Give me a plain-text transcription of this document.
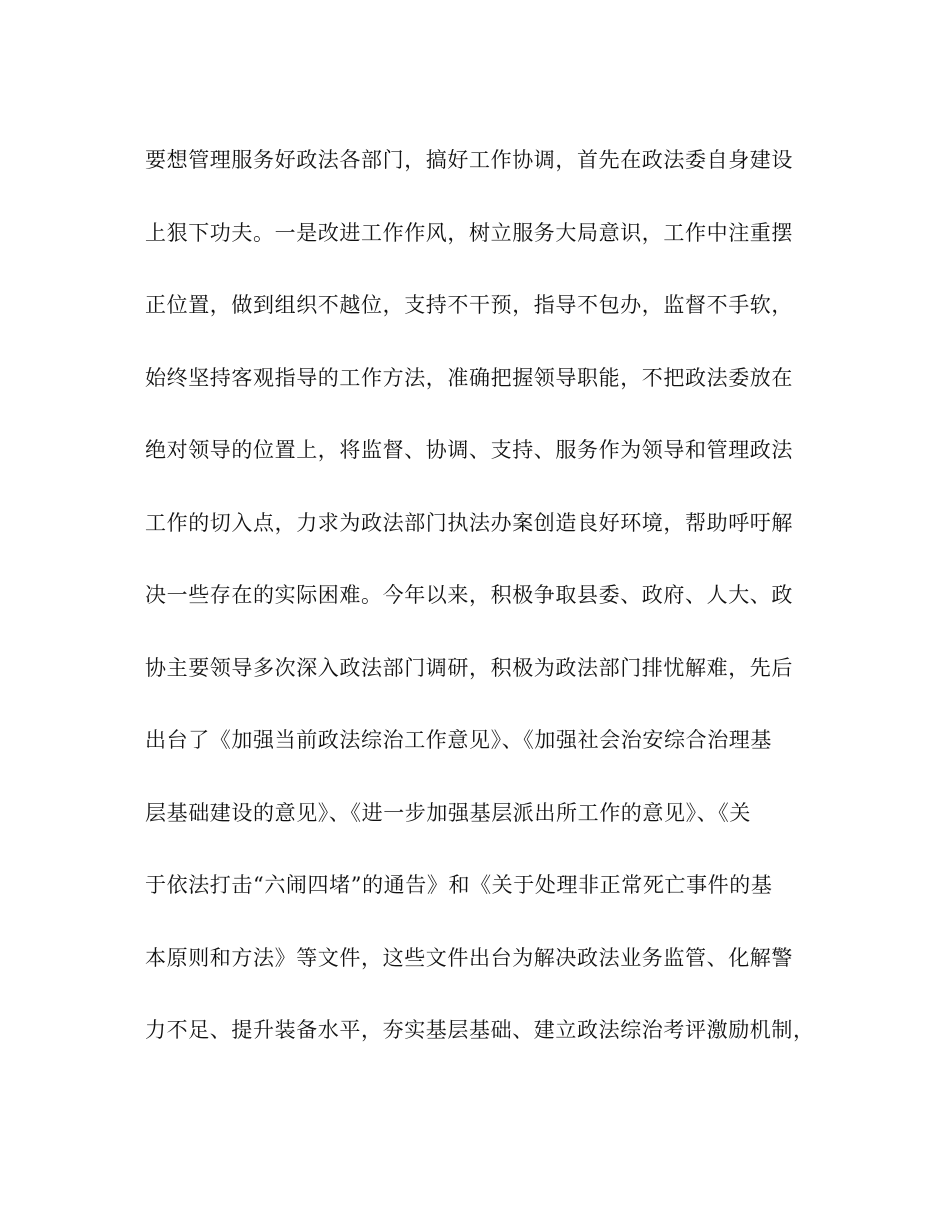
要想管理服务好政法各部门，搞好工作协调，首先在政法委自身建设
上狠下功夫。一是改进工作作风，树立服务大局意识，工作中注重摆
正位置，做到组织不越位，支持不干预，指导不包办，监督不手软，
始终坚持客观指导的工作方法，准确把握领导职能，不把政法委放在
绝对领导的位置上，将监督、协调、支持、服务作为领导和管理政法
工作的切入点，力求为政法部门执法办案创造良好环境，帮助呼吁解
决一些存在的实际困难。今年以来，积极争取县委、政府、人大、政
协主要领导多次深入政法部门调研，积极为政法部门排忧解难，先后
出台了《加强当前政法综治工作意见》、《加强社会治安综合治理基
层基础建设的意见》、《进一步加强基层派出所工作的意见》、《关
于依法打击“六闹四堵”的通告》和《关于处理非正常死亡事件的基
本原则和方法》等文件，这些文件出台为解决政法业务监管、化解警
力不足、提升装备水平，夯实基层基础、建立政法综治考评激励机制，
